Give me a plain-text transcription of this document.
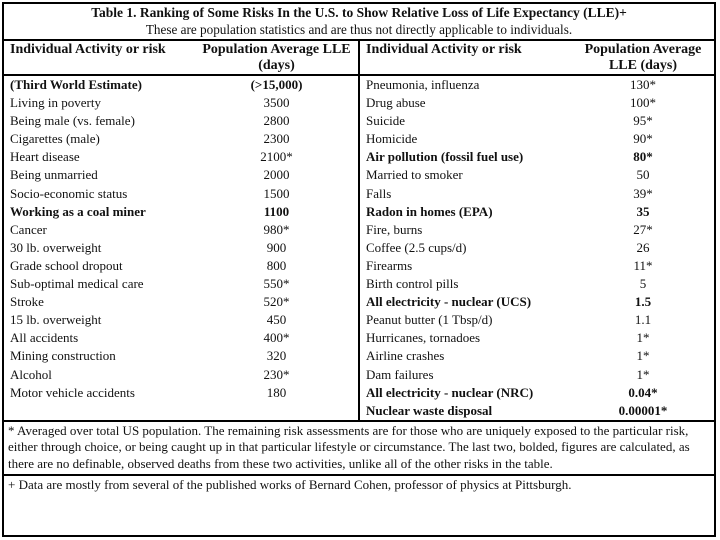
Table 1. Ranking of Some Risks In the U.S. to Show Relative Loss of Life Expectancy (LLE)+
These are population statistics and are thus not directly applicable to individuals.
Individual Activity or risk	Population Average LLE (days)
(Third World Estimate)	(>15,000)
Living in poverty	3500
Being male (vs. female)	2800
Cigarettes (male)	2300
Heart disease	2100*
Being unmarried	2000
Socio-economic status	1500
Working as a coal miner	1100
Cancer	980*
30 lb. overweight	900
Grade school dropout	800
Sub-optimal medical care	550*
Stroke	520*
15 lb. overweight	450
All accidents	400*
Mining construction	320
Alcohol	230*
Motor vehicle accidents	180
Individual Activity or risk	Population Average LLE (days)
Pneumonia, influenza	130*
Drug abuse	100*
Suicide	95*
Homicide	90*
Air pollution (fossil fuel use)	80*
Married to smoker	50
Falls	39*
Radon in homes (EPA)	35
Fire, burns	27*
Coffee (2.5 cups/d)	26
Firearms	11*
Birth control pills	5
All electricity - nuclear (UCS)	1.5
Peanut butter (1 Tbsp/d)	1.1
Hurricanes, tornadoes	1*
Airline crashes	1*
Dam failures	1*
All electricity - nuclear (NRC)	0.04*
Nuclear waste disposal	0.00001*
* Averaged over total US population. The remaining risk assessments are for those who are uniquely exposed to the particular risk, either through choice, or being caught up in that particular lifestyle or circumstance. The last two, bolded, figures are calculated, as there are no definable, observed deaths from these two activities, unlike all of the other risks in the table.
+ Data are mostly from several of the published works of Bernard Cohen, professor of physics at Pittsburgh.
